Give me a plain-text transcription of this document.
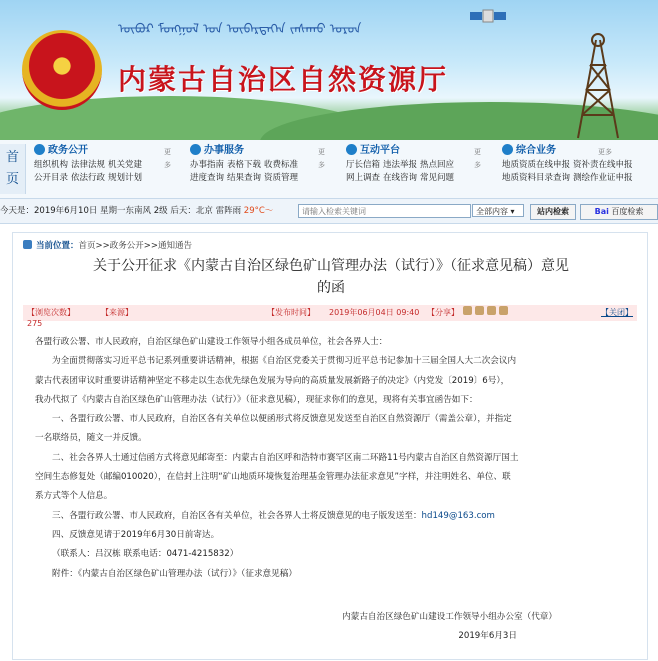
ᠥᠪᠦᠷ ᠮᠣᠩᠭᠣᠯ ᠤᠨ ᠥᠪᠡᠷᠲᠡᠭᠡᠨ ᠵᠠᠰᠠᠬᠤ ᠣᠷᠣᠨ
内蒙古自治区自然资源厅
首页
政务公开	更多
组织机构 法律法规 机关党建
公开目录 依法行政 规划计划
办事服务	更多
办事指南 表格下载 收费标准
进度查询 结果查询 资质管理
互动平台	更多
厅长信箱 违法举报 热点回应
网上调查 在线咨询 常见问题
综合业务	更多
地质资质在线申报 资补责在线申报
地质资料目录查询 测绘作业证申报
今天是：2019年6月10日 星期一东南风 2级 后天：北京 雷阵雨 29°C～
请输入检索关键词	全部内容 ▾	站内检索	Bai 百度检索
当前位置：首页>>政务公开>>通知通告
关于公开征求《内蒙古自治区绿色矿山管理办法（试行）》（征求意见稿）意见
的函
【浏览次数】
275
【来源】	【发布时间】 2019年06月04日 09:40 【分享】	【关闭】

各盟行政公署、市人民政府，自治区绿色矿山建设工作领导小组各成员单位，社会各界人士：

为全面贯彻落实习近平总书记系列重要讲话精神，根据《自治区党委关于贯彻习近平总书记参加十三届全国人大二次会议内

蒙古代表团审议时重要讲话精神坚定不移走以生态优先绿色发展为导向的高质量发展新路子的决定》（内党发〔2019〕6号），

我办代拟了《内蒙古自治区绿色矿山管理办法（试行）》（征求意见稿），现征求你们的意见，现将有关事宜函告如下：

一、各盟行政公署、市人民政府，自治区各有关单位以便函形式将反馈意见发送至自治区自然资源厅（需盖公章），并指定

一名联络员，随文一并反馈。

二、社会各界人士通过信函方式将意见邮寄至：内蒙古自治区呼和浩特市赛罕区南二环路11号内蒙古自治区自然资源厅国土

空间生态修复处（邮编010020），在信封上注明“矿山地质环境恢复治理基金管理办法征求意见”字样，并注明姓名、单位、联

系方式等个人信息。

三、各盟行政公署、市人民政府，自治区各有关单位，社会各界人士将反馈意见的电子版发送至：hd149@163.com

四、反馈意见请于2019年6月30日前寄达。

（联系人：吕汉栋 联系电话：0471-4215832）

附件：《内蒙古自治区绿色矿山管理办法（试行）》（征求意见稿）

内蒙古自治区绿色矿山建设工作领导小组办公室（代章）
2019年6月3日
